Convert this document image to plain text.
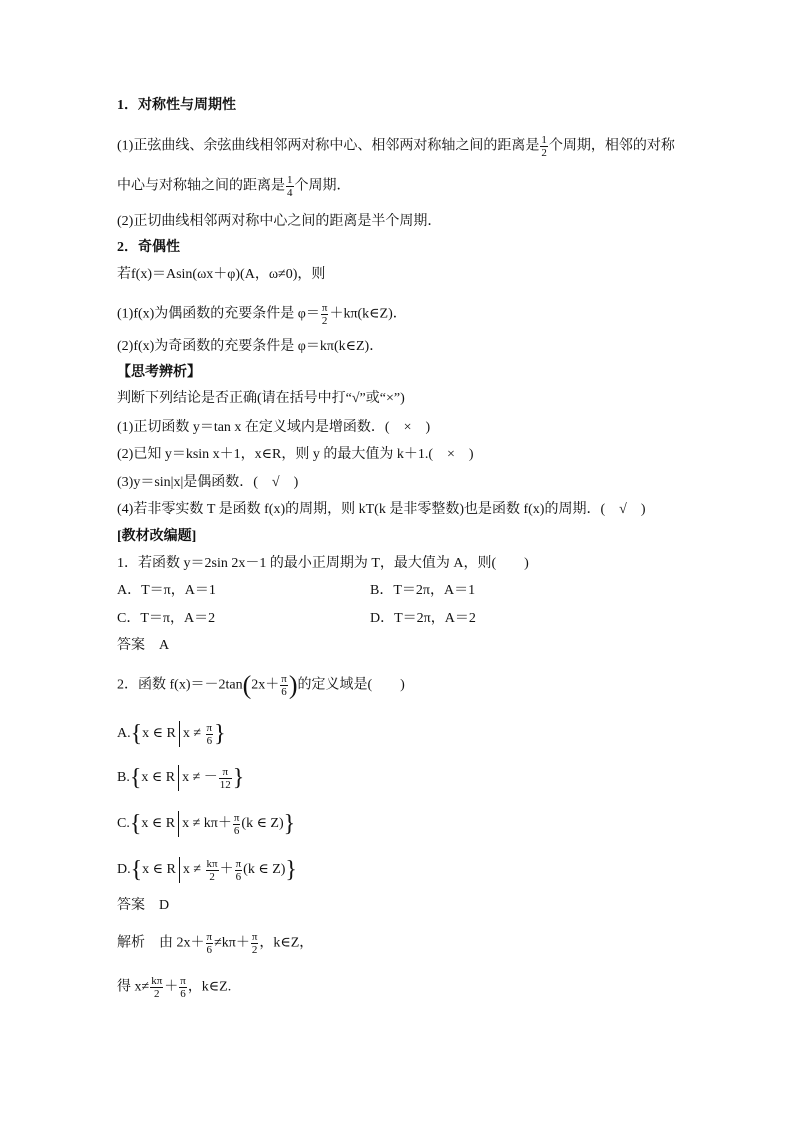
1．对称性与周期性
(1)正弦曲线、余弦曲线相邻两对称中心、相邻两对称轴之间的距离是 $\frac{1}{2}$ 个周期，相邻的对称
中心与对称轴之间的距离是 $\frac{1}{4}$ 个周期．
(2)正切曲线相邻两对称中心之间的距离是半个周期．
2．奇偶性
若f(x)＝Asin(ωx＋φ)(A，ω≠0)，则
(1)f(x)为偶函数的充要条件是 $\varphi= \frac{\pi}{2}$ ＋kπ(k∈Z)．
(2)f(x)为奇函数的充要条件是 φ＝kπ(k∈Z)．
【思考辨析】
判断下列结论是否正确(请在括号中打“√”或“×”)
(1)正切函数 y＝tan x 在定义域内是增函数．(　×　)
(2)已知 y＝ksin x＋1，x∈R，则 y 的最大值为 k＋1.(　×　)
(3)y＝sin|x|是偶函数．(　√　)
(4)若非零实数 T 是函数 f(x)的周期，则 kT(k 是非零整数)也是函数 f(x)的周期．(　√　)
[教材改编题]
1．若函数 y＝2sin 2x－1 的最小正周期为 T，最大值为 A，则(　　)
A．T＝π，A＝1	B．T＝2π，A＝1
C．T＝π，A＝2	D．T＝2π，A＝2
答案　A
2．函数 $f(x)=-2\tan(2x+ \frac{\pi}{6}$ )的定义域是(　　)
A.{x ∈ R $x \ne \frac{\pi}{6}$ }
B.{x ∈ R x ≠ － $\frac{\pi}{12}$ }
C.{x ∈ R $x \ne k\pi+ \frac{\pi}{6} (k$ ∈ Z)}
D.{x ∈ R $x \ne \frac{k\pi}{2} + \frac{\pi}{6} (k$ ∈ Z)}
答案　D
解析　由 $2x+ \frac{\pi}{6} \ne k\pi+ \frac{\pi}{2}$ ，k∈Z，
得 $x\ne \frac{k\pi}{2} + \frac{\pi}{6}$ ，k∈Z.
